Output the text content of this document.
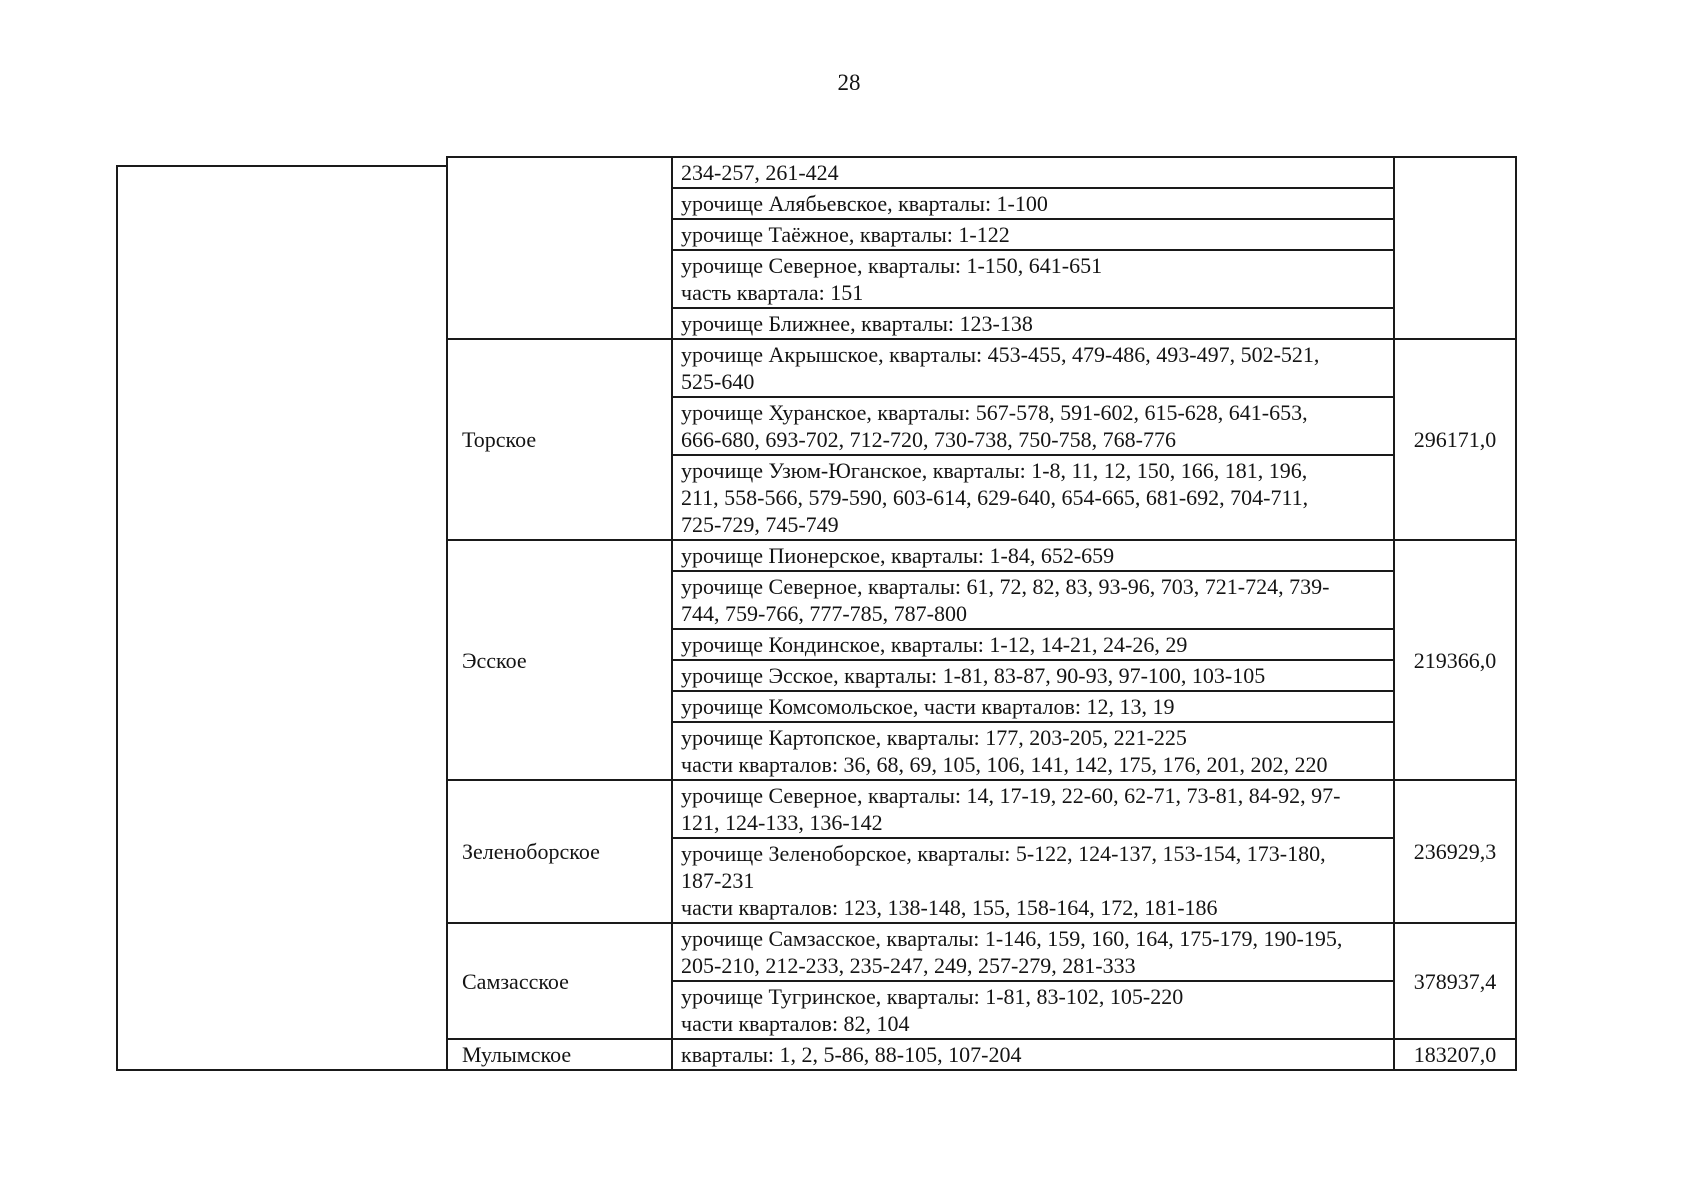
28

	234-257, 261-424	

	урочище Алябьевское, кварталы: 1-100	

	урочище Таёжное, кварталы: 1-122	

	урочище Северное, кварталы: 1-150, 641-651
часть квартала: 151	

	урочище Ближнее, кварталы: 123-138	

Торское	урочище Акрышское, кварталы: 453-455, 479-486, 493-497, 502-521,
525-640	296171,0

	урочище Хуранское, кварталы: 567-578, 591-602, 615-628, 641-653,
666-680, 693-702, 712-720, 730-738, 750-758, 768-776	

	урочище Узюм-Юганское, кварталы: 1-8, 11, 12, 150, 166, 181, 196,
211, 558-566, 579-590, 603-614, 629-640, 654-665, 681-692, 704-711,
725-729, 745-749	

Эсское	урочище Пионерское, кварталы: 1-84, 652-659	219366,0

	урочище Северное, кварталы: 61, 72, 82, 83, 93-96, 703, 721-724, 739-
744, 759-766, 777-785, 787-800	

	урочище Кондинское, кварталы: 1-12, 14-21, 24-26, 29	

	урочище Эсское, кварталы: 1-81, 83-87, 90-93, 97-100, 103-105	

	урочище Комсомольское, части кварталов: 12, 13, 19	

	урочище Картопское, кварталы: 177, 203-205, 221-225
части кварталов: 36, 68, 69, 105, 106, 141, 142, 175, 176, 201, 202, 220	

Зеленоборское	урочище Северное, кварталы: 14, 17-19, 22-60, 62-71, 73-81, 84-92, 97-
121, 124-133, 136-142	236929,3

	урочище Зеленоборское, кварталы: 5-122, 124-137, 153-154, 173-180,
187-231
части кварталов: 123, 138-148, 155, 158-164, 172, 181-186	

Самзасское	урочище Самзасское, кварталы: 1-146, 159, 160, 164, 175-179, 190-195,
205-210, 212-233, 235-247, 249, 257-279, 281-333	378937,4

	урочище Тугринское, кварталы: 1-81, 83-102, 105-220
части кварталов: 82, 104	

Мулымское	кварталы: 1, 2, 5-86, 88-105, 107-204	183207,0
